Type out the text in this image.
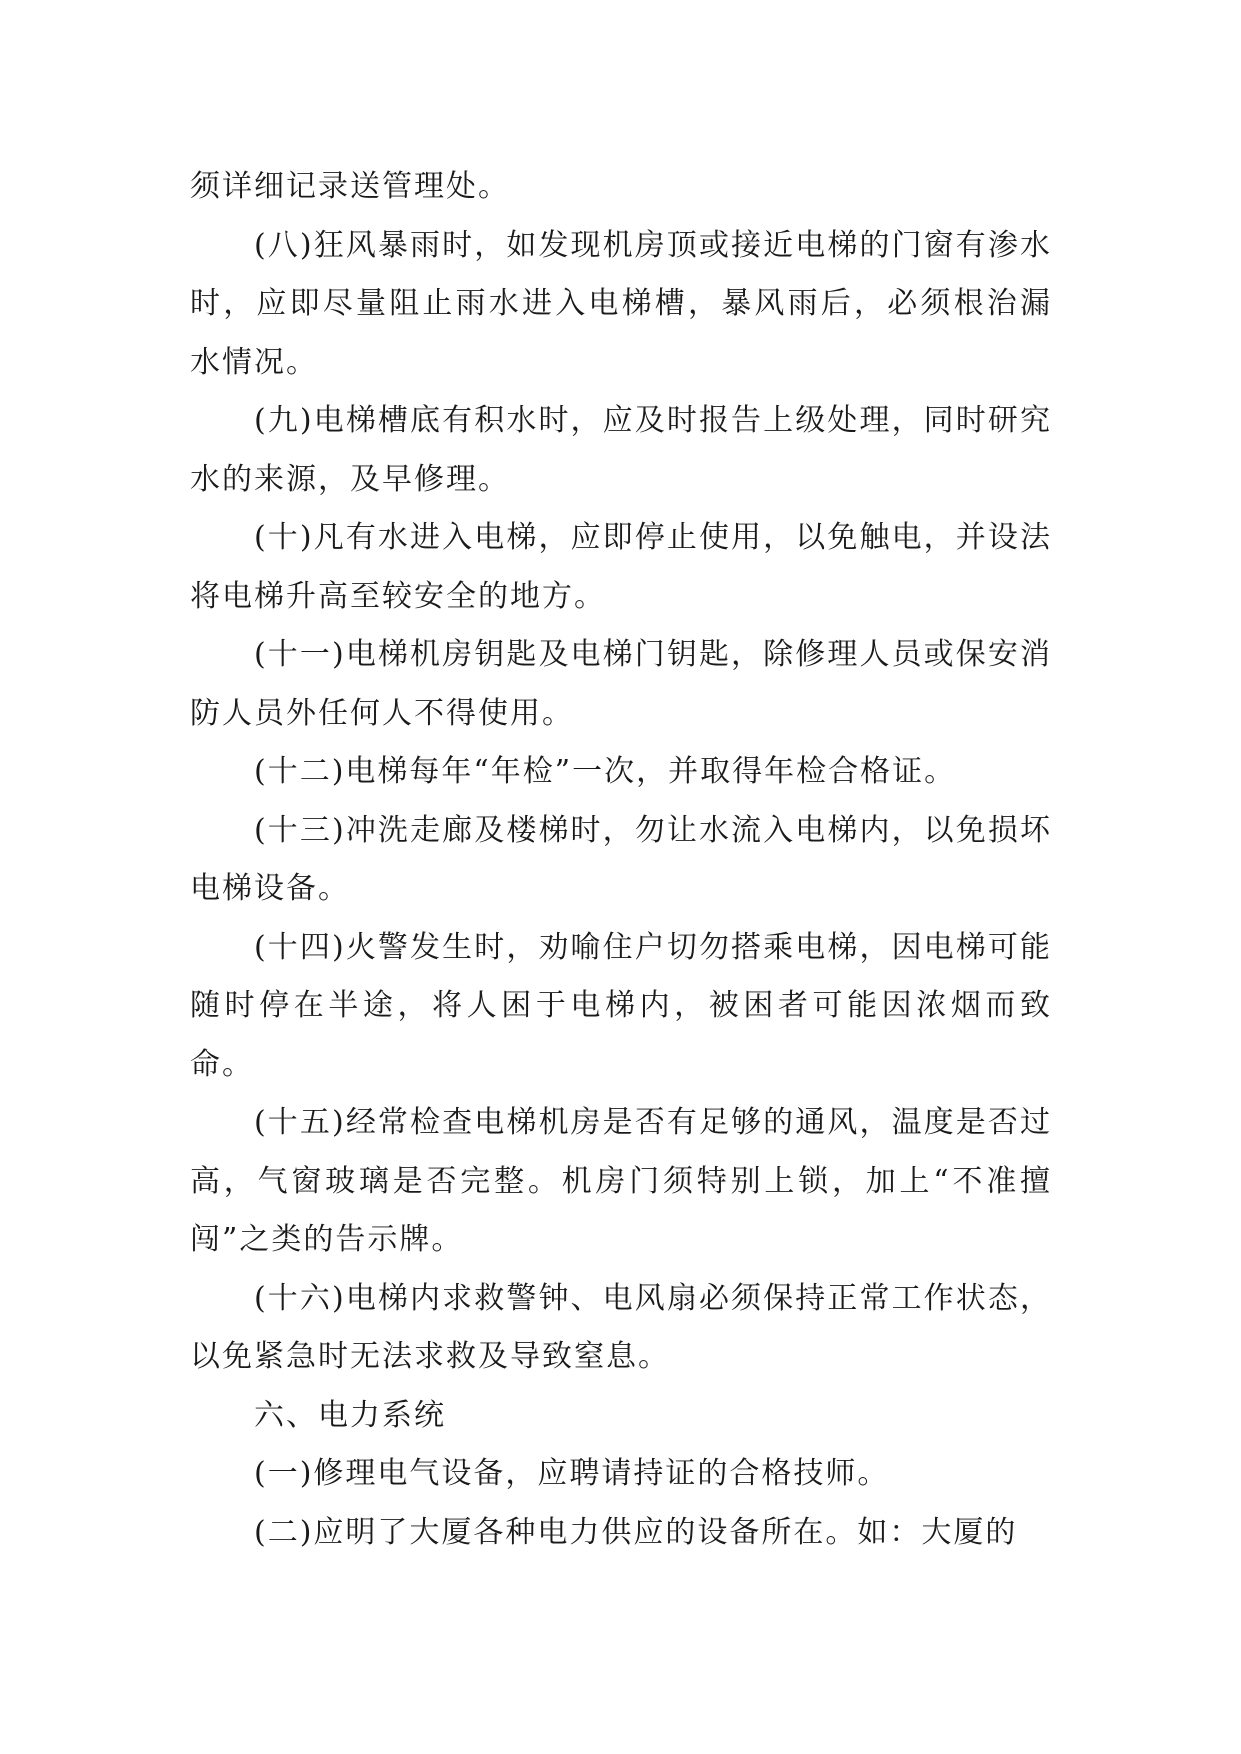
须详细记录送管理处。

(八)狂风暴雨时，如发现机房顶或接近电梯的门窗有渗水时，应即尽量阻止雨水进入电梯槽，暴风雨后，必须根治漏水情况。

(九)电梯槽底有积水时，应及时报告上级处理，同时研究水的来源，及早修理。

(十)凡有水进入电梯，应即停止使用，以免触电，并设法将电梯升高至较安全的地方。

(十一)电梯机房钥匙及电梯门钥匙，除修理人员或保安消防人员外任何人不得使用。

(十二)电梯每年“年检”一次，并取得年检合格证。

(十三)冲洗走廊及楼梯时，勿让水流入电梯内，以免损坏电梯设备。

(十四)火警发生时，劝喻住户切勿搭乘电梯，因电梯可能随时停在半途，将人困于电梯内，被困者可能因浓烟而致命。

(十五)经常检查电梯机房是否有足够的通风，温度是否过高，气窗玻璃是否完整。机房门须特别上锁，加上“不准擅闯”之类的告示牌。

(十六)电梯内求救警钟、电风扇必须保持正常工作状态，以免紧急时无法求救及导致窒息。

六、电力系统

(一)修理电气设备，应聘请持证的合格技师。

(二)应明了大厦各种电力供应的设备所在。如：大厦的
